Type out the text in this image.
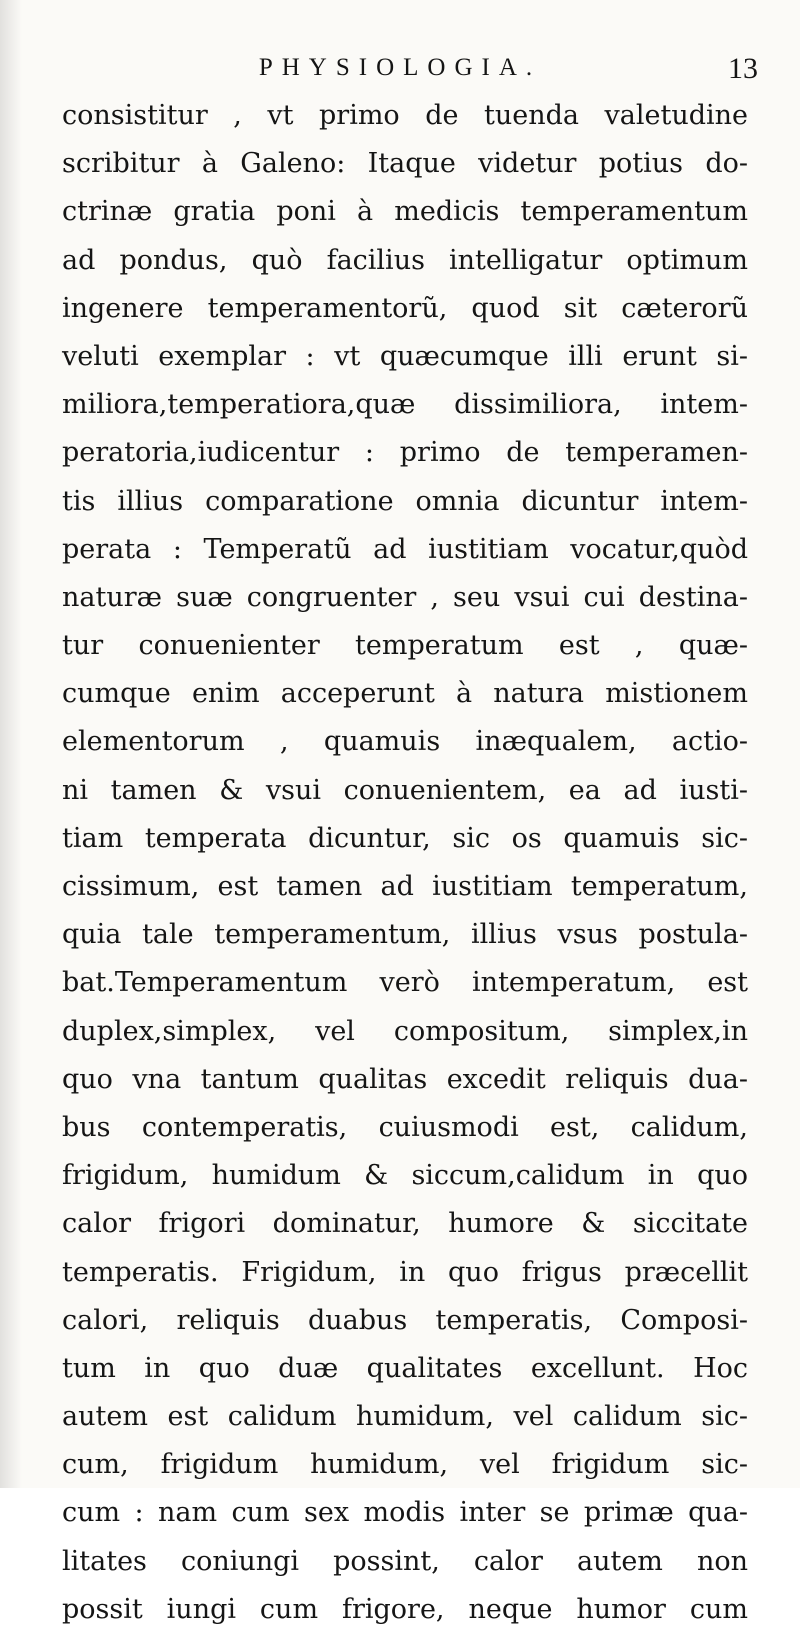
PHYSIOLOGIA.	13
consistitur , vt primo de tuenda valetudine
scribitur à Galeno: Itaque videtur potius do-
ctrinæ gratia poni à medicis temperamentum
ad pondus, quò facilius intelligatur optimum
ingenere temperamentorũ, quod sit cæterorũ
veluti exemplar : vt quæcumque illi erunt si-
miliora,temperatiora,quæ dissimiliora, intem-
peratoria,iudicentur : primo de temperamen-
tis illius comparatione omnia dicuntur intem-
perata : Temperatũ ad iustitiam vocatur,quòd
naturæ suæ congruenter , seu vsui cui destina-
tur conuenienter temperatum est , quæ-
cumque enim acceperunt à natura mistionem
elementorum , quamuis inæqualem, actio-
ni tamen & vsui conuenientem, ea ad iusti-
tiam temperata dicuntur, sic os quamuis sic-
cissimum, est tamen ad iustitiam temperatum,
quia tale temperamentum, illius vsus postula-
bat.Temperamentum verò intemperatum, est
duplex,simplex, vel compositum, simplex,in
quo vna tantum qualitas excedit reliquis dua-
bus contemperatis, cuiusmodi est, calidum,
frigidum, humidum & siccum,calidum in quo
calor frigori dominatur, humore & siccitate
temperatis. Frigidum, in quo frigus præcellit
calori, reliquis duabus temperatis, Composi-
tum in quo duæ qualitates excellunt. Hoc
autem est calidum humidum, vel calidum sic-
cum, frigidum humidum, vel frigidum sic-
cum : nam cum sex modis inter se primæ qua-
litates coniungi possint, calor autem non
possit iungi cum frigore, neque humor cum
